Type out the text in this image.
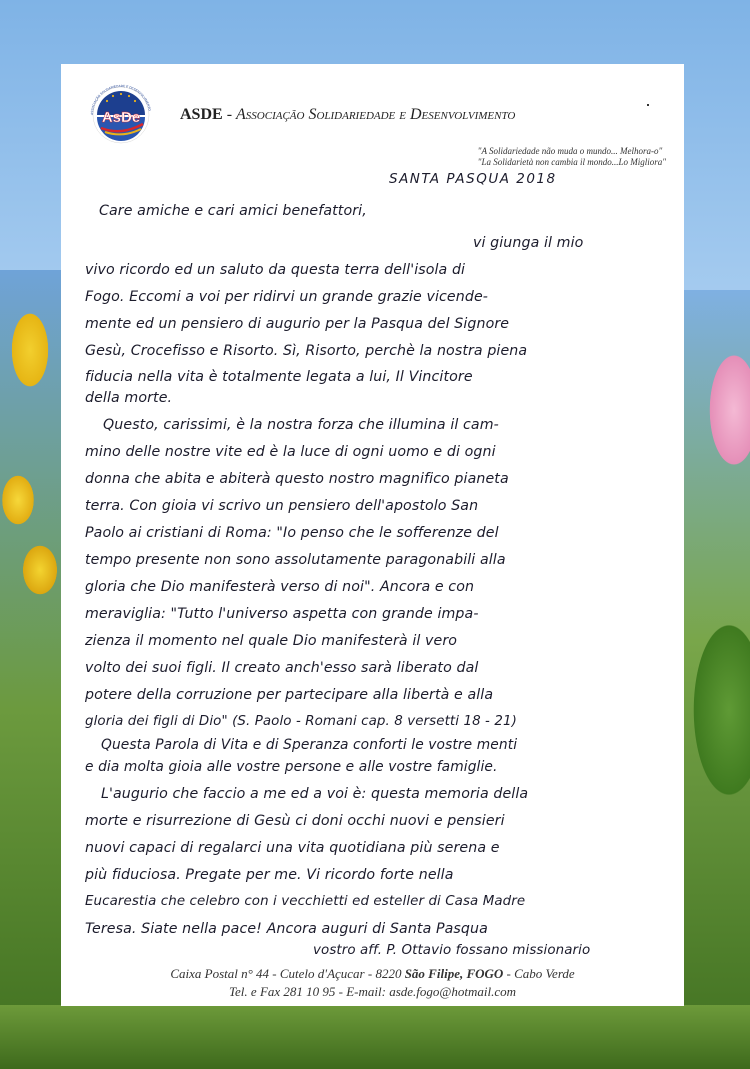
ASSOCIAÇÃO SOLIDARIEDADE E DESENVOLVIMENTO
AsDe ASDE - Associação Solidariedade e Desenvolvimento
"A Solidariedade não muda o mundo... Melhora-o"
"La Solidarietà non cambia il mondo...Lo Migliora"
SANTA PASQUA 2018
Care amiche e cari amici benefattori,
vi giunga il mio
vivo ricordo ed un saluto da questa terra dell'isola di
Fogo. Eccomi a voi per ridirvi un grande grazie vicende-
mente ed un pensiero di augurio per la Pasqua del Signore
Gesù, Crocefisso e Risorto. Sì, Risorto, perchè la nostra piena
fiducia nella vita è totalmente legata a lui, Il Vincitore
della morte.
Questo, carissimi, è la nostra forza che illumina il cam-
mino delle nostre vite ed è la luce di ogni uomo e di ogni
donna che abita e abiterà questo nostro magnifico pianeta
terra. Con gioia vi scrivo un pensiero dell'apostolo San
Paolo ai cristiani di Roma: "Io penso che le sofferenze del
tempo presente non sono assolutamente paragonabili alla
gloria che Dio manifesterà verso di noi". Ancora e con
meraviglia: "Tutto l'universo aspetta con grande impa-
zienza il momento nel quale Dio manifesterà il vero
volto dei suoi figli. Il creato anch'esso sarà liberato dal
potere della corruzione per partecipare alla libertà e alla
gloria dei figli di Dio" (S. Paolo - Romani cap. 8 versetti 18 - 21)
Questa Parola di Vita e di Speranza conforti le vostre menti
e dia molta gioia alle vostre persone e alle vostre famiglie.
L'augurio che faccio a me ed a voi è: questa memoria della
morte e risurrezione di Gesù ci doni occhi nuovi e pensieri
nuovi capaci di regalarci una vita quotidiana più serena e
più fiduciosa. Pregate per me. Vi ricordo forte nella
Eucarestia che celebro con i vecchietti ed esteller di Casa Madre
Teresa. Siate nella pace! Ancora auguri di Santa Pasqua
vostro aff. P. Ottavio fossano missionario
Caixa Postal n° 44 - Cutelo d'Açucar - 8220 São Filipe, FOGO - Cabo Verde
Tel. e Fax 281 10 95 - E-mail: asde.fogo@hotmail.com
